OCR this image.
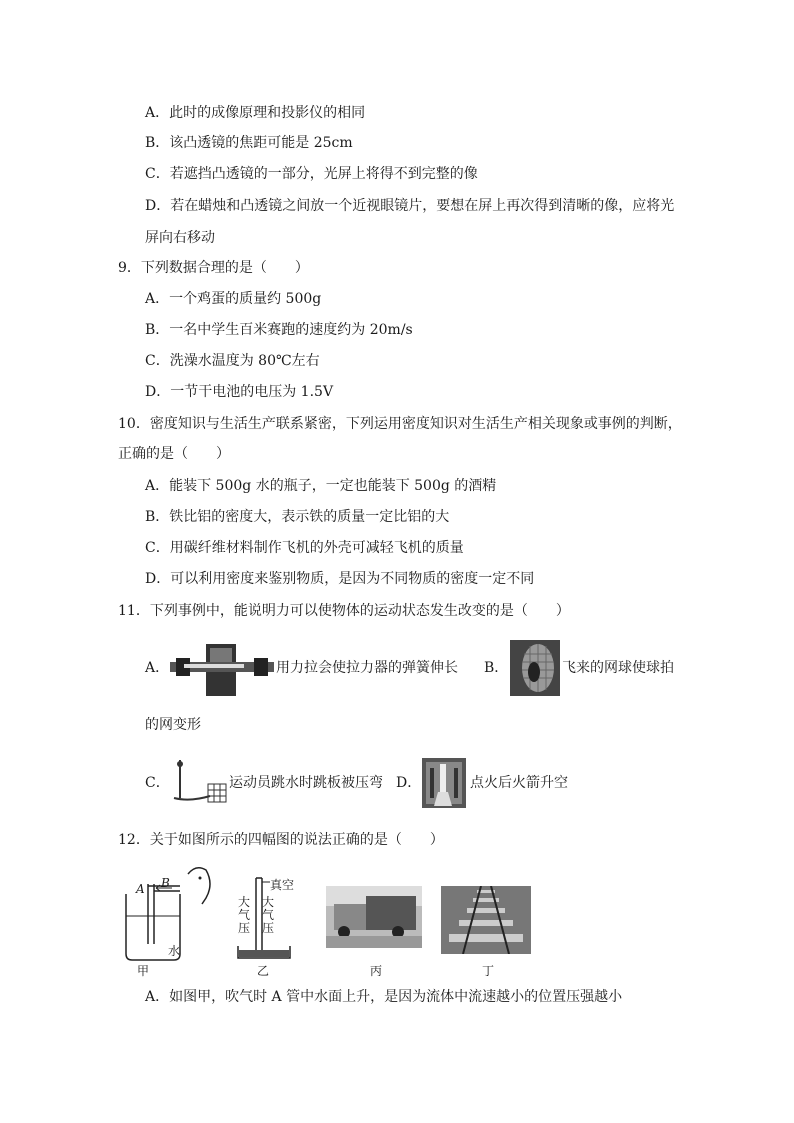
A．此时的成像原理和投影仪的相同
B．该凸透镜的焦距可能是 25cm
C．若遮挡凸透镜的一部分，光屏上将得不到完整的像
D．若在蜡烛和凸透镜之间放一个近视眼镜片，要想在屏上再次得到清晰的像，应将光
屏向右移动
9．下列数据合理的是（　　）
A．一个鸡蛋的质量约 500g
B．一名中学生百米赛跑的速度约为 20m/s
C．洗澡水温度为 80℃左右
D．一节干电池的电压为 1.5V
10．密度知识与生活生产联系紧密，下列运用密度知识对生活生产相关现象或事例的判断，
正确的是（　　）
A．能装下 500g 水的瓶子，一定也能装下 500g 的酒精
B．铁比铝的密度大，表示铁的质量一定比铝的大
C．用碳纤维材料制作飞机的外壳可减轻飞机的质量
D．可以利用密度来鉴别物质，是因为不同物质的密度一定不同
11．下列事例中，能说明力可以使物体的运动状态发生改变的是（　　）
A．	用力拉会使拉力器的弹簧伸长 B．	飞来的网球使球拍
的网变形
C．	运动员跳水时跳板被压弯 D．	点火后火箭升空
12．关于如图所示的四幅图的说法正确的是（　　）
B
A
水
甲
真空
大气压
大气压
乙	丙	丁
A．如图甲，吹气时 A 管中水面上升，是因为流体中流速越小的位置压强越小
